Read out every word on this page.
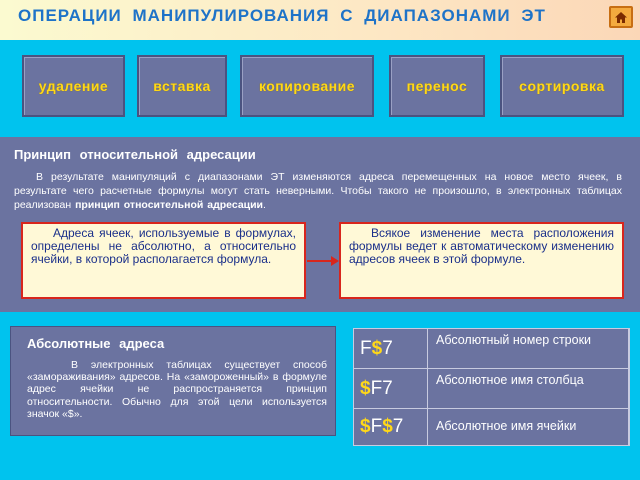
ОПЕРАЦИИ МАНИПУЛИРОВАНИЯ С ДИАПАЗОНАМИ ЭТ
удаление	вставка	копирование	перенос	сортировка
Принцип относительной адресации
В результате манипуляций с диапазонами ЭТ изменяются адреса перемещенных на новое место ячеек, в результате чего расчетные формулы могут стать неверными. Чтобы такого не произошло, в электронных таблицах реализован принцип относительной адресации.
Адреса ячеек, используемые в формулах, определены не абсолютно, а относительно ячейки, в которой располагается формула.
Всякое изменение места расположения формулы ведет к автоматическому изменению адресов ячеек в этой формуле.
Абсолютные адреса
В электронных таблицах существует способ «замораживания» адресов. На «замороженный» в формуле адрес ячейки не распространяется принцип относительности. Обычно для этой цели используется значок «$».
F $ 7	Абсолютный номер строки
$ F7	Абсолютное имя столбца
$ F $ 7	Абсолютное имя ячейки
